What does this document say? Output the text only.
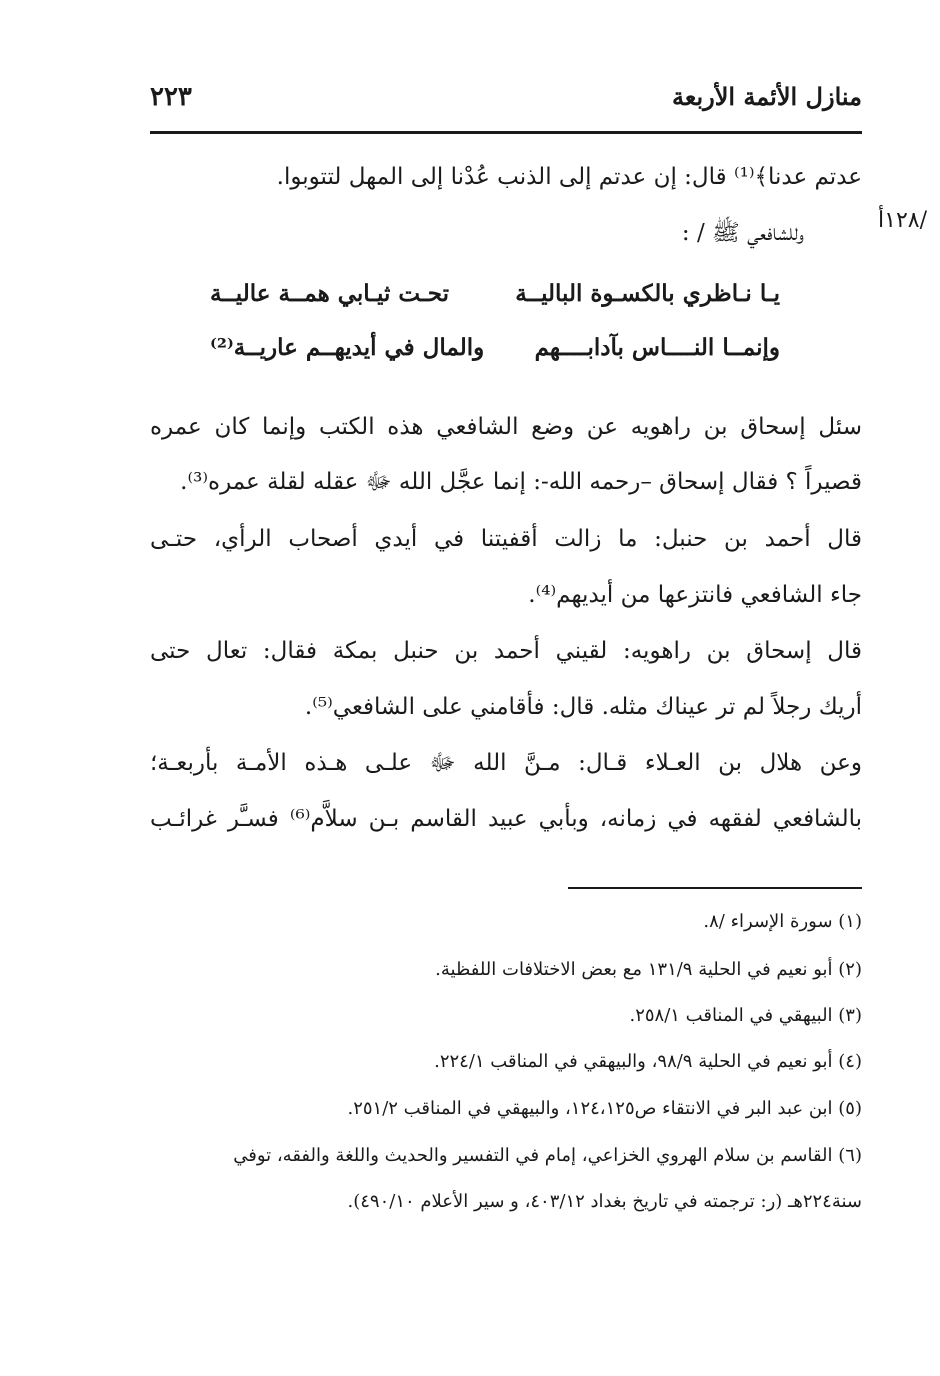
منازل الأئمة الأربعة
٢٢٣
/١٢٨أ
عدتم عدنا﴾⁽¹⁾ قال: إن عدتم إلى الذنب عُدْنا إلى المهل لتتوبوا.
وللشافعي ﷺ / :
يـا نـاظري بالكسـوة الباليــة
تحـت ثيـابي همــة عاليــة
وإنمــا النــــاس بآدابــــهم
والمال في أيديهــم عاريــة⁽²⁾
سئل إسحاق بن راهويه عن وضع الشافعي هذه الكتب وإنما كان عمره
قصيراً ؟ فقال إسحاق –رحمه الله-: إنما عجَّل الله ﷻ عقله لقلة عمره⁽³⁾.
قال أحمد بن حنبل: ما زالت أقفيتنا في أيدي أصحاب الرأي، حتـى
جاء الشافعي فانتزعها من أيديهم⁽⁴⁾.
قال إسحاق بن راهويه: لقيني أحمد بن حنبل بمكة فقال: تعال حتى
أريك رجلاً لم تر عيناك مثله. قال: فأقامني على الشافعي⁽⁵⁾.
وعن هلال بن العـلاء قـال: مـنَّ الله ﷻ علـى هـذه الأمـة بأربعـة؛
بالشافعي لفقهه في زمانه، وبأبي عبيد القاسم بـن سلاَّم⁽⁶⁾ فسـَّر غرائـب
(١) سورة الإسراء /٨.
(٢) أبو نعيم في الحلية ١٣١/٩ مع بعض الاختلافات اللفظية.
(٣) البيهقي في المناقب ٢٥٨/١.
(٤) أبو نعيم في الحلية ٩٨/٩، والبيهقي في المناقب ٢٢٤/١.
(٥) ابن عبد البر في الانتقاء ص١٢٤،١٢٥، والبيهقي في المناقب ٢٥١/٢.
(٦) القاسم بن سلام الهروي الخزاعي، إمام في التفسير والحديث واللغة والفقه، توفي
سنة٢٢٤هـ (ر: ترجمته في تاريخ بغداد ٤٠٣/١٢، و سير الأعلام ٤٩٠/١٠).
